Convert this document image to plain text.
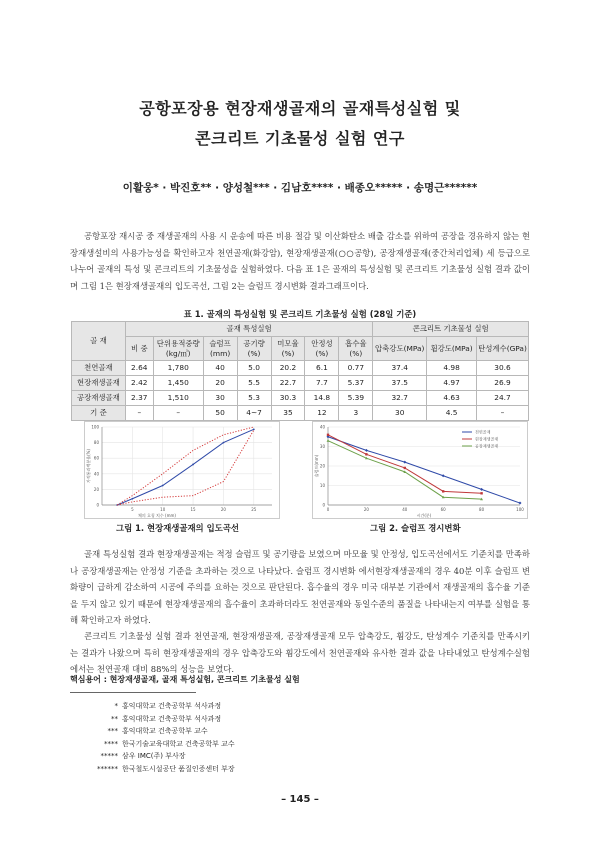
공항포장용 현장재생골재의 골재특성실험 및
콘크리트 기초물성 실험 연구
이활웅* · 박진호** · 양성철*** · 김남호**** · 배종오***** · 송명근******

공항포장 재시공 중 재생골재의 사용 시 운송에 따른 비용 절감 및 이산화탄소 배출 감소를 위하여 공장을 경유하지 않는 현장재생설비의 사용가능성을 확인하고자 천연골재(화강암), 현장재생골재(○○공항), 공장재생골재(중간처리업체) 세 등급으로 나누어 골재의 특성 및 콘크리트의 기초물성을 실험하였다. 다음 표 1은 골재의 특성실험 및 콘크리트 기초물성 실험 결과 값이며 그림 1은 현장재생골재의 입도곡선, 그림 2는 슬럼프 경시변화 결과그래프이다.

표 1. 골재의 특성실험 및 콘크리트 기초물성 실험 (28일 기준)
골 재	골재 특성실험							콘크리트 기초물성 실험		
	비 중	단위용적중량(kg/㎥)	슬럼프(mm)	공기량(%)	미모율(%)	안정성(%)	흡수율(%)	압축강도(MPa)	휨강도(MPa)	탄성계수(GPa)
천연골재	2.64	1,780	40	5.0	20.2	6.1	0.77	37.4	4.98	30.6
현장재생골재	2.42	1,450	20	5.5	22.7	7.7	5.37	37.5	4.97	26.9
공장재생골재	2.37	1,510	30	5.3	30.3	14.8	5.39	32.7	4.63	24.7
기 준	–	–	50	4~7	35	12	3	30	4.5	–
0
20
40
60
80
100
5	10	15	20	25
체의 호칭 치수 (mm)
가적통과백분율(%)
0
10
20
30
40
0	20	40	60	80	100
시간(분)
슬럼프(mm)
천연골재
현장재생골재
공장재생골재
그림 1. 현장재생골재의 입도곡선	그림 2. 슬럼프 경시변화

골재 특성실험 결과 현장재생골재는 적정 슬럼프 및 공기량을 보였으며 마모율 및 안정성, 입도곡선에서도 기준치를 만족하나 공장재생골재는 안정성 기준을 초과하는 것으로 나타났다. 슬럼프 경시변화 에서현장재생골재의 경우 40분 이후 슬럼프 변화량이 급하게 감소하여 시공에 주의를 요하는 것으로 판단된다. 흡수율의 경우 미국 대부분 기관에서 재생골재의 흡수율 기준을 두지 않고 있기 때문에 현장재생골재의 흡수율이 초과하더라도 천연골재와 동일수준의 품질을 나타내는지 여부를 실험을 통해 확인하고자 하였다.

콘크리트 기초물성 실험 결과 천연골재, 현장재생골재, 공장재생골재 모두 압축강도, 휨강도, 탄성계수 기준치를 만족시키는 결과가 나왔으며 특히 현장재생골재의 경우 압축강도와 휨강도에서 천연골재와 유사한 결과 값을 나타내었고 탄성계수실험에서는 천연골재 대비 88%의 성능을 보였다.

핵심용어 : 현장재생골재, 골재 특성실험, 콘크리트 기초물성 실험
* 홍익대학교 건축공학부 석사과정
** 홍익대학교 건축공학부 석사과정
*** 홍익대학교 건축공학부 교수
**** 한국기술교육대학교 건축공학부 교수
***** 삼우 IMC(주) 부사장
****** 한국철도시설공단 품질인증센터 부장
– 145 –
